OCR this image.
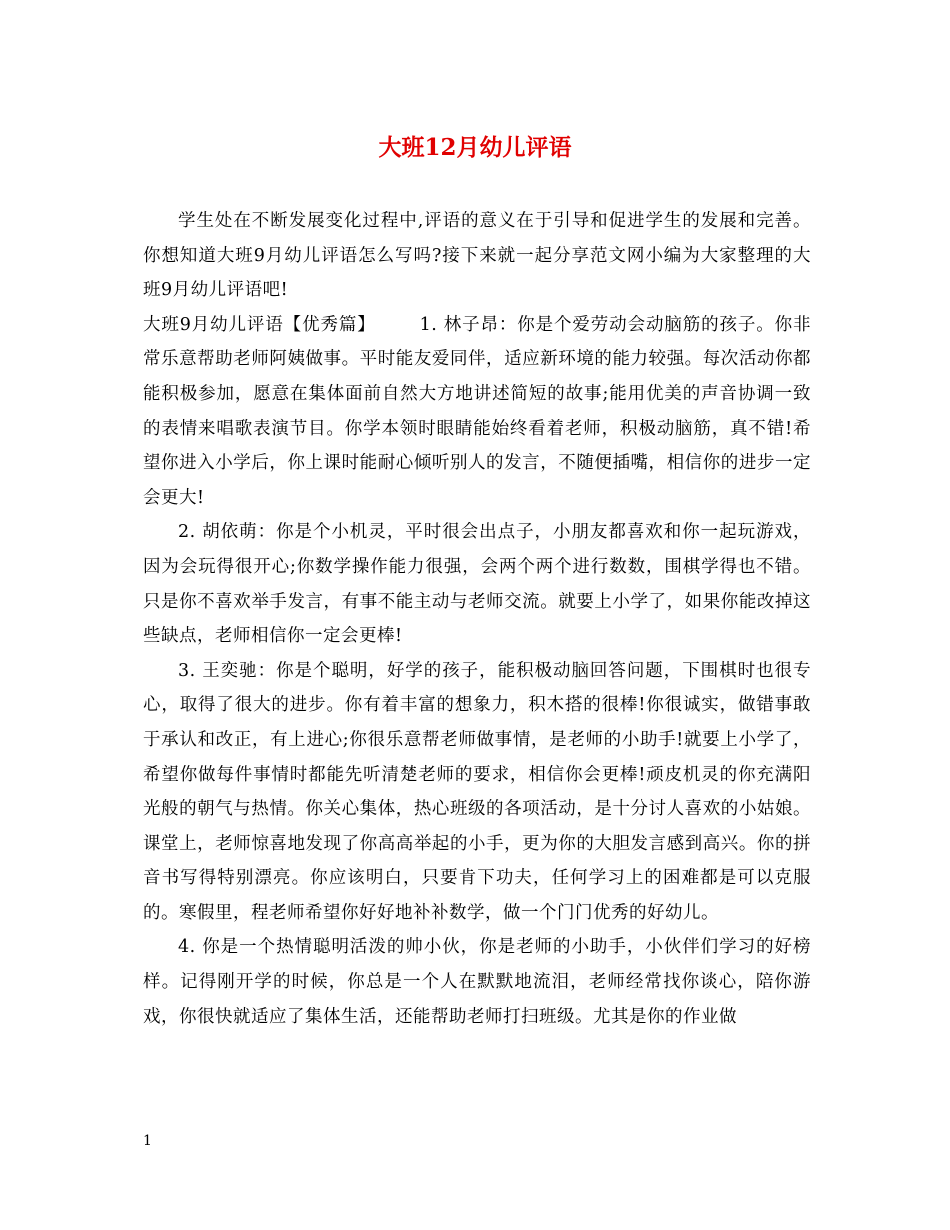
大班12月幼儿评语

学生处在不断发展变化过程中,评语的意义在于引导和促进学生的发展和完善。你想知道大班9月幼儿评语怎么写吗?接下来就一起分享范文网小编为大家整理的大班9月幼儿评语吧!

大班9月幼儿评语【优秀篇】	1. 林子昂：你是个爱劳动会动脑筋的孩子。你非常乐意帮助老师阿姨做事。平时能友爱同伴，适应新环境的能力较强。每次活动你都能积极参加，愿意在集体面前自然大方地讲述简短的故事;能用优美的声音协调一致的表情来唱歌表演节目。你学本领时眼睛能始终看着老师，积极动脑筋，真不错!希望你进入小学后，你上课时能耐心倾听别人的发言，不随便插嘴，相信你的进步一定会更大!

2. 胡依萌：你是个小机灵，平时很会出点子，小朋友都喜欢和你一起玩游戏，因为会玩得很开心;你数学操作能力很强，会两个两个进行数数，围棋学得也不错。只是你不喜欢举手发言，有事不能主动与老师交流。就要上小学了，如果你能改掉这些缺点，老师相信你一定会更棒!

3. 王奕驰：你是个聪明，好学的孩子，能积极动脑回答问题，下围棋时也很专心，取得了很大的进步。你有着丰富的想象力，积木搭的很棒!你很诚实，做错事敢于承认和改正，有上进心;你很乐意帮老师做事情，是老师的小助手!就要上小学了，希望你做每件事情时都能先听清楚老师的要求，相信你会更棒!顽皮机灵的你充满阳光般的朝气与热情。你关心集体，热心班级的各项活动，是十分讨人喜欢的小姑娘。课堂上，老师惊喜地发现了你高高举起的小手，更为你的大胆发言感到高兴。你的拼音书写得特别漂亮。你应该明白，只要肯下功夫，任何学习上的困难都是可以克服的。寒假里，程老师希望你好好地补补数学，做一个门门优秀的好幼儿。

4. 你是一个热情聪明活泼的帅小伙，你是老师的小助手，小伙伴们学习的好榜样。记得刚开学的时候，你总是一个人在默默地流泪，老师经常找你谈心，陪你游戏，你很快就适应了集体生活，还能帮助老师打扫班级。尤其是你的作业做

1
